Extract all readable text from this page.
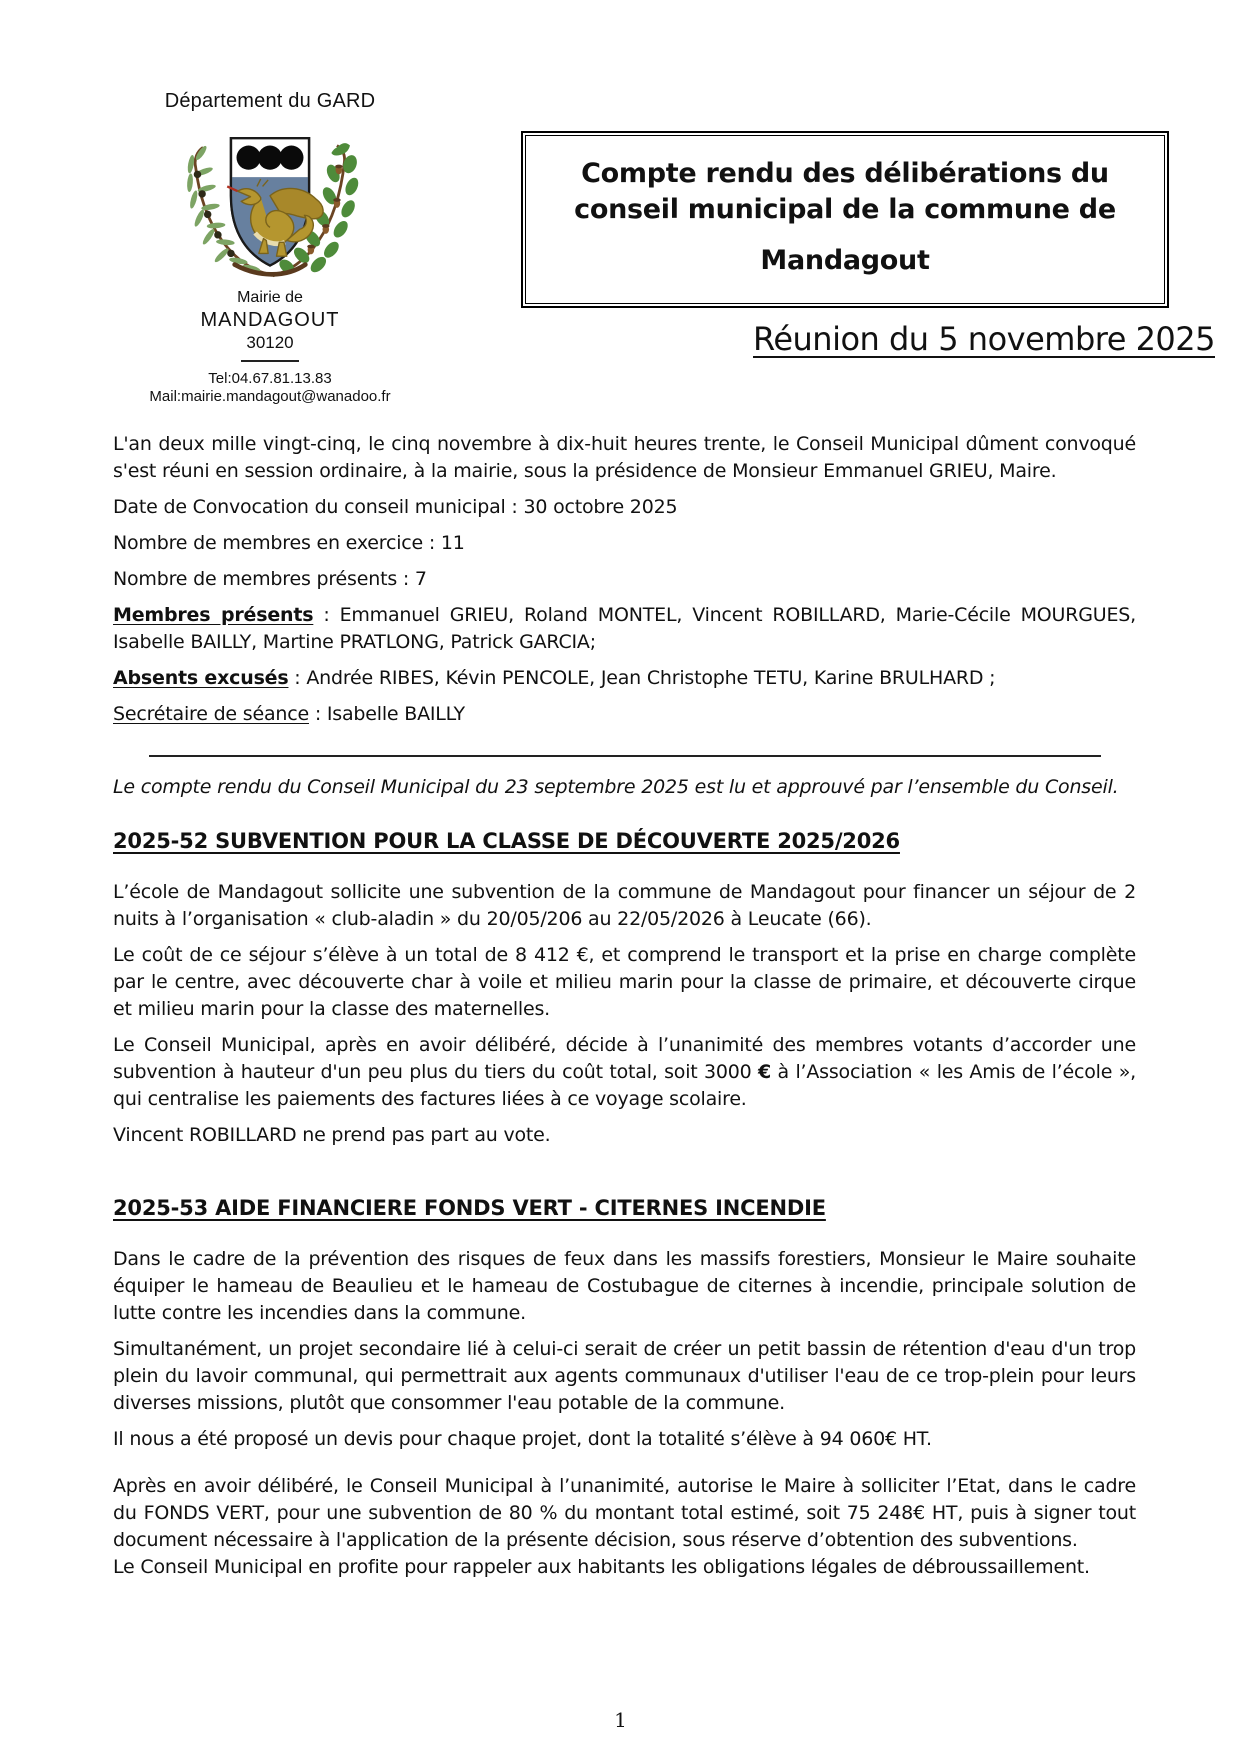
Département du GARD
Mairie de
MANDAGOUT
30120
Tel:04.67.81.13.83
Mail:mairie.mandagout@wanadoo.fr
Compte rendu des délibérations du
conseil municipal de la commune de
Mandagout
Réunion du 5 novembre 2025

L'an deux mille vingt-cinq, le cinq novembre à dix-huit heures trente, le Conseil Municipal dûment convoqué s'est réuni en session ordinaire, à la mairie, sous la présidence de Monsieur Emmanuel GRIEU, Maire.

Date de Convocation du conseil municipal : 30 octobre 2025

Nombre de membres en exercice : 11

Nombre de membres présents : 7

Membres présents : Emmanuel GRIEU, Roland MONTEL, Vincent ROBILLARD, Marie-Cécile MOURGUES, Isabelle BAILLY, Martine PRATLONG, Patrick GARCIA;

Absents excusés : Andrée RIBES, Kévin PENCOLE, Jean Christophe TETU, Karine BRULHARD ;

Secrétaire de séance : Isabelle BAILLY

Le compte rendu du Conseil Municipal du 23 septembre 2025 est lu et approuvé par l’ensemble du Conseil.

2025-52 SUBVENTION POUR LA CLASSE DE DÉCOUVERTE 2025/2026

L’école de Mandagout sollicite une subvention de la commune de Mandagout pour financer un séjour de 2 nuits à l’organisation « club-aladin » du 20/05/206 au 22/05/2026 à Leucate (66).

Le coût de ce séjour s’élève à un total de 8 412 €, et comprend le transport et la prise en charge complète par le centre, avec découverte char à voile et milieu marin pour la classe de primaire, et découverte cirque et milieu marin pour la classe des maternelles.

Le Conseil Municipal, après en avoir délibéré, décide à l’unanimité des membres votants d’accorder une subvention à hauteur d'un peu plus du tiers du coût total, soit 3000 € à l’Association « les Amis de l’école », qui centralise les paiements des factures liées à ce voyage scolaire.

Vincent ROBILLARD ne prend pas part au vote.

2025-53 AIDE FINANCIERE FONDS VERT - CITERNES INCENDIE

Dans le cadre de la prévention des risques de feux dans les massifs forestiers, Monsieur le Maire souhaite équiper le hameau de Beaulieu et le hameau de Costubague de citernes à incendie, principale solution de lutte contre les incendies dans la commune.

Simultanément, un projet secondaire lié à celui-ci serait de créer un petit bassin de rétention d'eau d'un trop plein du lavoir communal, qui permettrait aux agents communaux d'utiliser l'eau de ce trop-plein pour leurs diverses missions, plutôt que consommer l'eau potable de la commune.

Il nous a été proposé un devis pour chaque projet, dont la totalité s’élève à 94 060€ HT.

Après en avoir délibéré, le Conseil Municipal à l’unanimité, autorise le Maire à solliciter l’Etat, dans le cadre du FONDS VERT, pour une subvention de 80 % du montant total estimé, soit 75 248€ HT, puis à signer tout document nécessaire à l'application de la présente décision, sous réserve d’obtention des subventions.

Le Conseil Municipal en profite pour rappeler aux habitants les obligations légales de débroussaillement.

1
